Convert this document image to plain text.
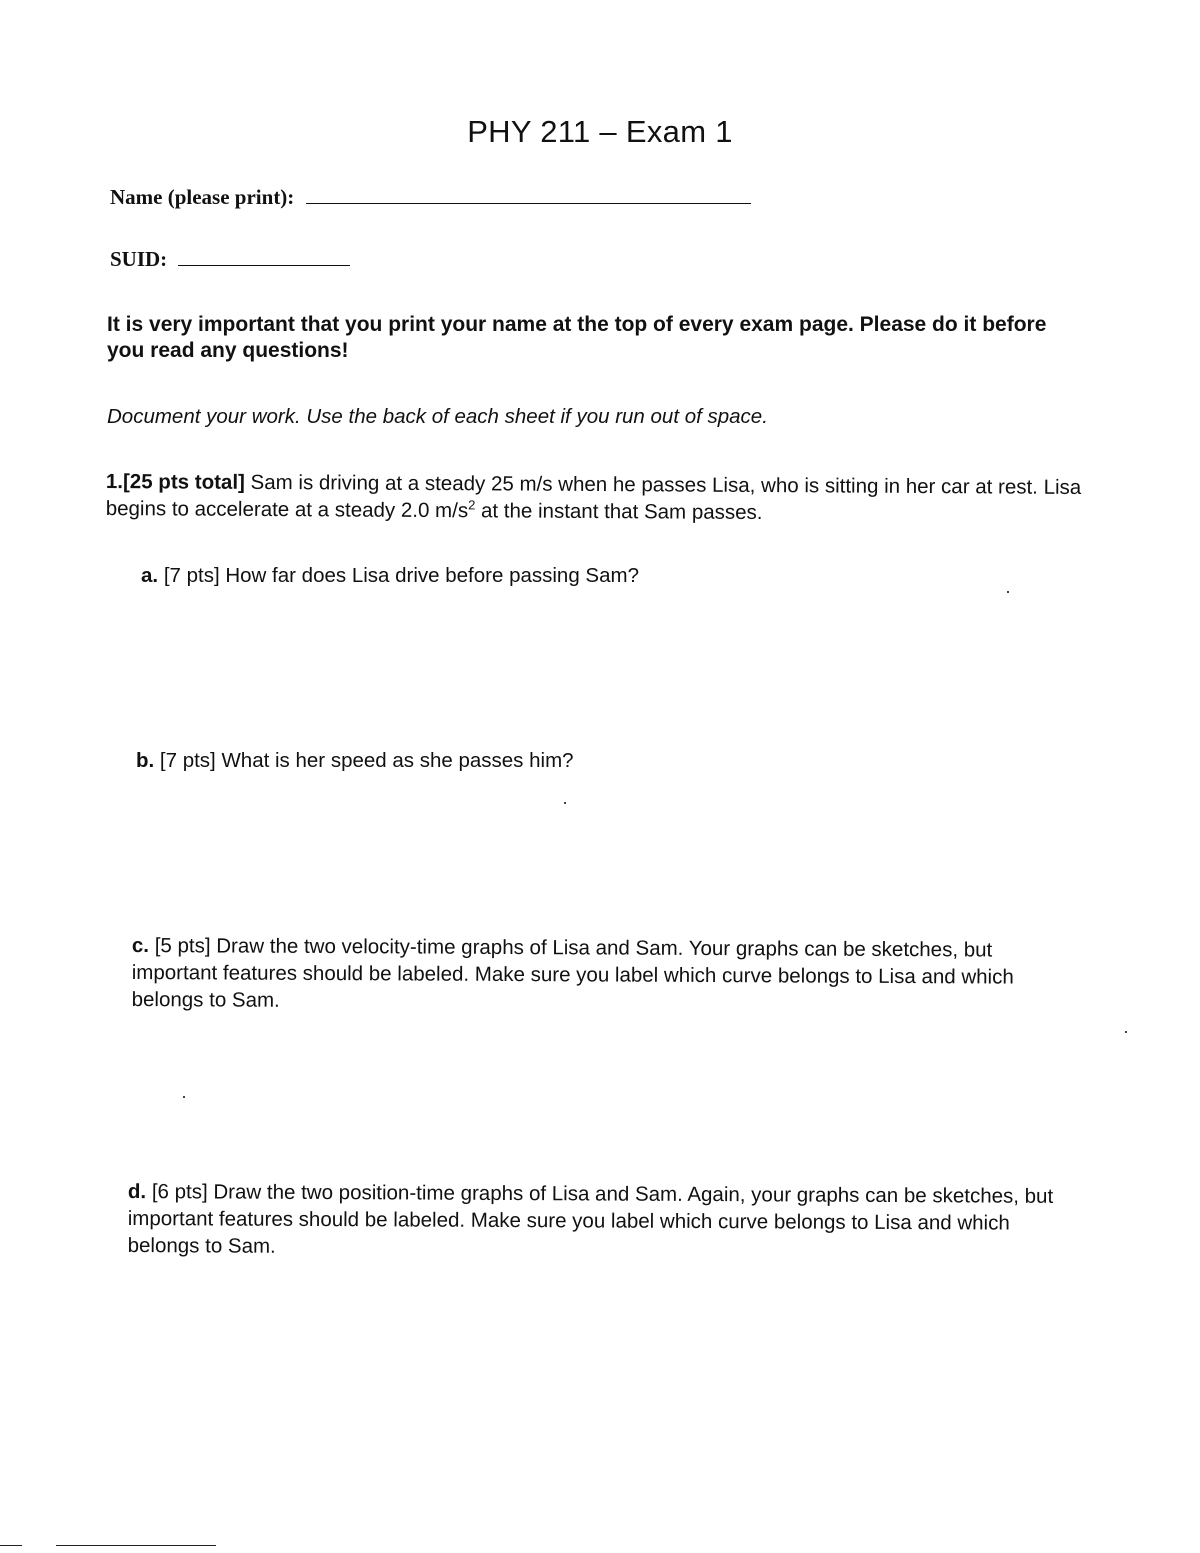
PHY 211 – Exam 1
Name (please print):
SUID:
It is very important that you print your name at the top of every exam page. Please do it before you read any questions!
Document your work. Use the back of each sheet if you run out of space.
1.[25 pts total] Sam is driving at a steady 25 m/s when he passes Lisa, who is sitting in her car at rest. Lisa begins to accelerate at a steady 2.0 $m/s^2$ at the instant that Sam passes.
a. [7 pts] How far does Lisa drive before passing Sam?
b. [7 pts] What is her speed as she passes him?
c. [5 pts] Draw the two velocity-time graphs of Lisa and Sam. Your graphs can be sketches, but important features should be labeled. Make sure you label which curve belongs to Lisa and which belongs to Sam.
d. [6 pts] Draw the two position-time graphs of Lisa and Sam. Again, your graphs can be sketches, but important features should be labeled. Make sure you label which curve belongs to Lisa and which belongs to Sam.
